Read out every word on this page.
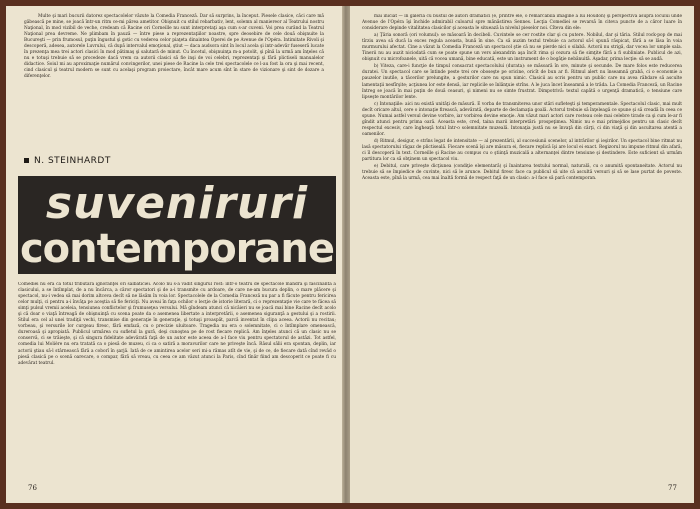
Multe şi mari bucurii datorez spectacolelor văzute la Comedia Franceză. Dar să surprins, la început. Piesele clasice, căci care mă găbească pe mine, se joacă într-un ritm ce-mi părea ametitor. Obişnuit cu stilul rebarbativ, lent, solemn al maniereor al Teatrului nostru Naţional, în mod vizibil de veche, credeam că Racine ori Corneille nu sunt interpretaţi aşa cum s-ar cuveni. Voi prea curând la Teatrul Naţional prea devreme. Ne plimbam în pauză — între piese a reprezentaţiilor noastre, spre deosebire de cele două obişnuite la Bucureşti — prin frumosul, puţin îngustul şi gotic cu vederea celor piaţeta dinaintea Operei de pe Avenue de l'Opéra. Intimitate Rivoli şi descoperă, adesea, autorele Luvrului, că după intervalul emoţional, ştiut — daca audsora sint în locul acela şi intr-adevăr fuseseră lucate în prezenţa mea trei actori clasici în mod pătimaş şi salutară de minut. Cu încetul, obişnuinţa m-a potolit, şi pînă la urmă am înţeles că nu e totuşi trebuie să se procedeze dacă vrem ca autorii clasici să fie inşi de voi celebri, reprezentaţi şi fără plictiseli manualelor didactice. Soiul mi au aproximaţie numărul convingerilor, unei piese de Racine la cele trei spectacolele ce l-au fost la ora şi mai recent, cind clasicul şi teatrul modern se sunt cu acelaşi program proiectare, încât mare acum sînt în stare de vizionare şi sint de dozare a diferenţelor.

N. STEINHARDT
suveniruri
contemporane

Comediei nu era ca totul tributară ignoranţei ori sălbăticiei. Acolo nu s-a vădit singurul rost: într-o teatru de spectacole mândra şi fascinantă a clasicului, a se întîmplat, de a nu încărca, a căror spectatori şi de a-i transmite cu ardoare, de care ne-am bucura deplin, o mare plăcere şi spectacol, nu-i vedea să mai dorim altceva decît să ne lăsăm în voia lor. Spectacolele de la Comedia Franceză nu par a fi făcute pentru fericirea celor mulţi, ci pentru a-i învăţa pe aceştia să fie fericiţi. Nu aveai în faţa ochilor o lecţie de istorie literară, ci o reprezentaţie vie care te făcea să simţi pulsul vremii aceleia, tensiunea conflictelor şi frumuseţea versului. Mă gîndeam atunci că nicăieri nu se joacă mai bine Racine decît acolo şi că doar o viaţă întreagă de obişnuinţă cu scena poate da o asemenea libertate a interpretării, o asemenea siguranţă a gestului şi a rostirii. Stilul era cel al unei tradiţii vechi, transmise din generaţie în generaţie, şi totuşi proaspăt, parcă inventat în clipa aceea. Actorii nu recitau; vorbeau, şi versurile lor curgeau firesc, fără emfază, cu o precizie uluitoare. Tragedia nu era o solemnitate, ci o întîmplare omenească, dureroasă şi apropiată. Publicul urmărea cu sufletul la gură, deşi cunoştea pe de rost fiecare replică. Am înţeles atunci că un clasic nu se conservă, ci se trăieşte, şi că singura fidelitate adevărată faţă de un autor este aceea de a-l face viu pentru spectatorul de astăzi. Tot astfel, comedia lui Molière nu era tratată ca o piesă de muzeu, ci ca o satiră a moravurilor care ne priveşte încă. Râsul sălii era spontan, deplin, iar actorii ştiau să-l stârnească fără a coborî în şarjă. Iată de ce amintirea acelor seri mi-a rămas atît de vie, şi de ce, de fiecare dată cînd revăd o piesă clasică pe o scenă oarecare, o compar, fără să vreau, cu ceea ce am văzut atunci la Paris, cînd tînăr fiind am descoperit ce poate fi cu adevărat teatrul.

76

mai iniciat — în galeria cu bustul de autori dramatici (e, printre ele, o remarcabilă imagine a lui Houdon) şi perspectiva asupra locului unde Avenue de l'Opéra îşi închide admirabil culoarul spre mănăstirea Sennes. Lecţia Comediei se revarsă în citeva puncte de a căror luare în considerare depinde vitalitatea clasicilor şi aceasta le situează la nivelul pieselor noi. Cîteva din ele:

a) Ţăria sonoră (ori volumul): se măsoară în decibeli. Cuvintele se cer rostite clar şi cu putere. Nobilul, dar şi tăria. Stilul rock-pop de mai tîrziu avea să ducă la exces regula aceasta, bună în sine. Ca să auzim textul trebuie ca actorul să-l spună răspicat, fără a se lăsa în voia murmurului afectat. Cine a văzut la Comedia Franceză un spectacol ştie că nu se pierde nici o silabă. Actorii nu strigă, dar vocea lor umple sala. Tinerii nu au auzit niciodată cum se poate spune un vers alexandrin aşa încît rima şi cezura să fie simţite fără a fi subliniate. Publicul de azi, obişnuit cu microfoanele, uită că vocea umană, bine educată, este un instrument de o bogăţie nebănuită. Aşadar, prima lecţie: să se audă.

b) Viteza, care-i funcţie de timpul consacrat spectacolului (durata): se măsoară în ore, minute şi secunde. De mare folos este reducerea duratei. Un spectacol care se întinde peste trei ore oboseşte pe oricine, oricît de bun ar fi. Ritmul alert nu înseamnă grabă, ci o economie a pauzelor inutile, a tăcerilor prelungite, a gesturilor care nu spun nimic. Clasicii au scris pentru un public care nu avea răbdare să asculte lamentaţii nesfîrşite; acţiunea lor este densă, iar replicile se înlănţuie strîns. A le juca încet înseamnă a le trăda. La Comedia Franceză, un Racine întreg se joacă în mai puţin de două ceasuri, şi nimeni nu se simte frustrat. Dimpotrivă: textul capătă o urgenţă dramatică, o tensiune care lipseşte montărilor lente.

c) Intonaţiile: aici nu există unităţi de măsură. E vorba de transmiterea unor stări sufleteşti şi temperamentale. Spectacolul clasic, mai mult decît oricare altul, cere o intonaţie firească, adevărată, departe de declamaţia goală. Actorul trebuie să înţeleagă ce spune şi să creadă în ceea ce spune. Numai astfel versul devine vorbire, iar vorbirea devine emoţie. Am văzut mari actori care rosteau cele mai celebre tirade ca şi cum le-ar fi gîndit atunci pentru prima oară. Aceasta este, cred, taina marii interpretări: prospeţimea. Nimic nu e mai primejdios pentru un clasic decît respectul excesiv, care îngheaţă totul într-o solemnitate muzeală. Intonaţia justă nu se învaţă din cărţi, ci din viaţă şi din ascultarea atentă a oamenilor.

d) Ritmul, desigur, e strîns legat de intensitate — al prezentării, al succesiunii scenelor, al intrărilor şi ieşirilor. Un spectacol bine ritmat nu lasă spectatorului răgaz de plictiseală. Fiecare scenă îşi are măsura ei, fiecare replică îşi are locul ei exact. Regizorul nu impune ritmul din afară, ci îl descoperă în text. Corneille şi Racine au compus cu o ştiinţă muzicală a alternanţei dintre tensiune şi destindere. Este suficient să urmăm partitura lor ca să obţinem un spectacol viu.

e) Debitul, care priveşte dicţiunea (condiţie elementară) şi înaintarea textului normal, naturală, cu o anumită spontaneitate. Actorul nu trebuie să se împiedice de cuvinte, nici să le arunce. Debitul firesc face ca publicul să uite că ascultă versuri şi să se lase purtat de poveste. Aceasta este, pînă la urmă, cea mai înaltă formă de respect faţă de un clasic: a-l face să pară contemporan.

77
